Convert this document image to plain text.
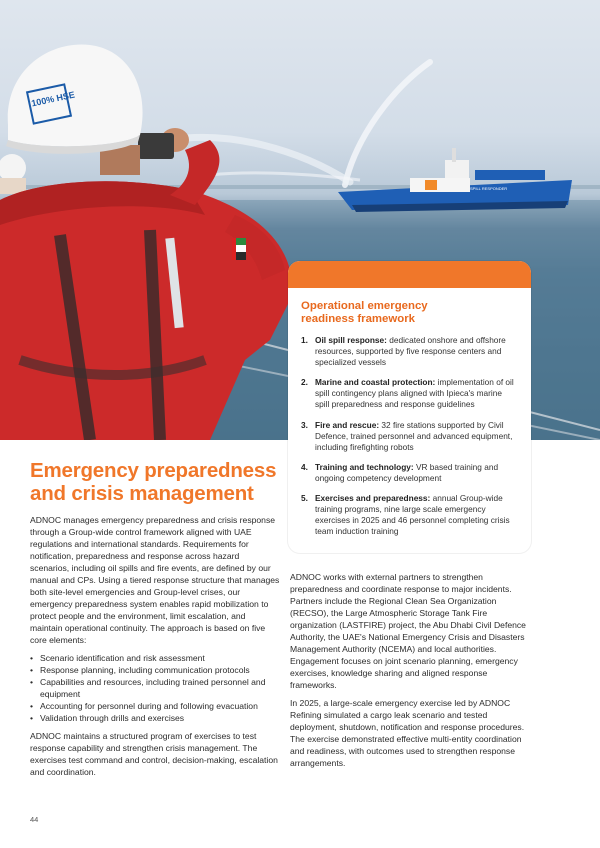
SPILL RESPONDER
100% HSE
Operational emergency readiness framework
1. Oil spill response: dedicated onshore and offshore resources, supported by five response centers and specialized vessels
2. Marine and coastal protection: implementation of oil spill contingency plans aligned with Ipieca's marine spill preparedness and response guidelines
3. Fire and rescue: 32 fire stations supported by Civil Defence, trained personnel and advanced equipment, including firefighting robots
4. Training and technology: VR based training and ongoing competency development
5. Exercises and preparedness: annual Group-wide training programs, nine large scale emergency exercises in 2025 and 46 personnel completing crisis team induction training
Emergency preparedness and crisis management

ADNOC manages emergency preparedness and crisis response through a Group-wide control framework aligned with UAE regulations and international standards. Requirements for notification, preparedness and response across hazard scenarios, including oil spills and fire events, are defined by our manual and CPs. Using a tiered response structure that manages both site-level emergencies and Group-level crises, our emergency preparedness system enables rapid mobilization to protect people and the environment, limit escalation, and maintain operational continuity. The approach is based on five core elements:

• Scenario identification and risk assessment
• Response planning, including communication protocols
• Capabilities and resources, including trained personnel and equipment
• Accounting for personnel during and following evacuation
• Validation through drills and exercises

ADNOC maintains a structured program of exercises to test response capability and strengthen crisis management. The exercises test command and control, decision-making, escalation and coordination.

ADNOC works with external partners to strengthen preparedness and coordinate response to major incidents. Partners include the Regional Clean Sea Organization (RECSO), the Large Atmospheric Storage Tank Fire organization (LASTFIRE) project, the Abu Dhabi Civil Defence Authority, the UAE's National Emergency Crisis and Disasters Management Authority (NCEMA) and local authorities. Engagement focuses on joint scenario planning, emergency exercises, knowledge sharing and aligned response frameworks.

In 2025, a large-scale emergency exercise led by ADNOC Refining simulated a cargo leak scenario and tested deployment, shutdown, notification and response procedures. The exercise demonstrated effective multi-entity coordination and readiness, with outcomes used to strengthen response arrangements.

44
